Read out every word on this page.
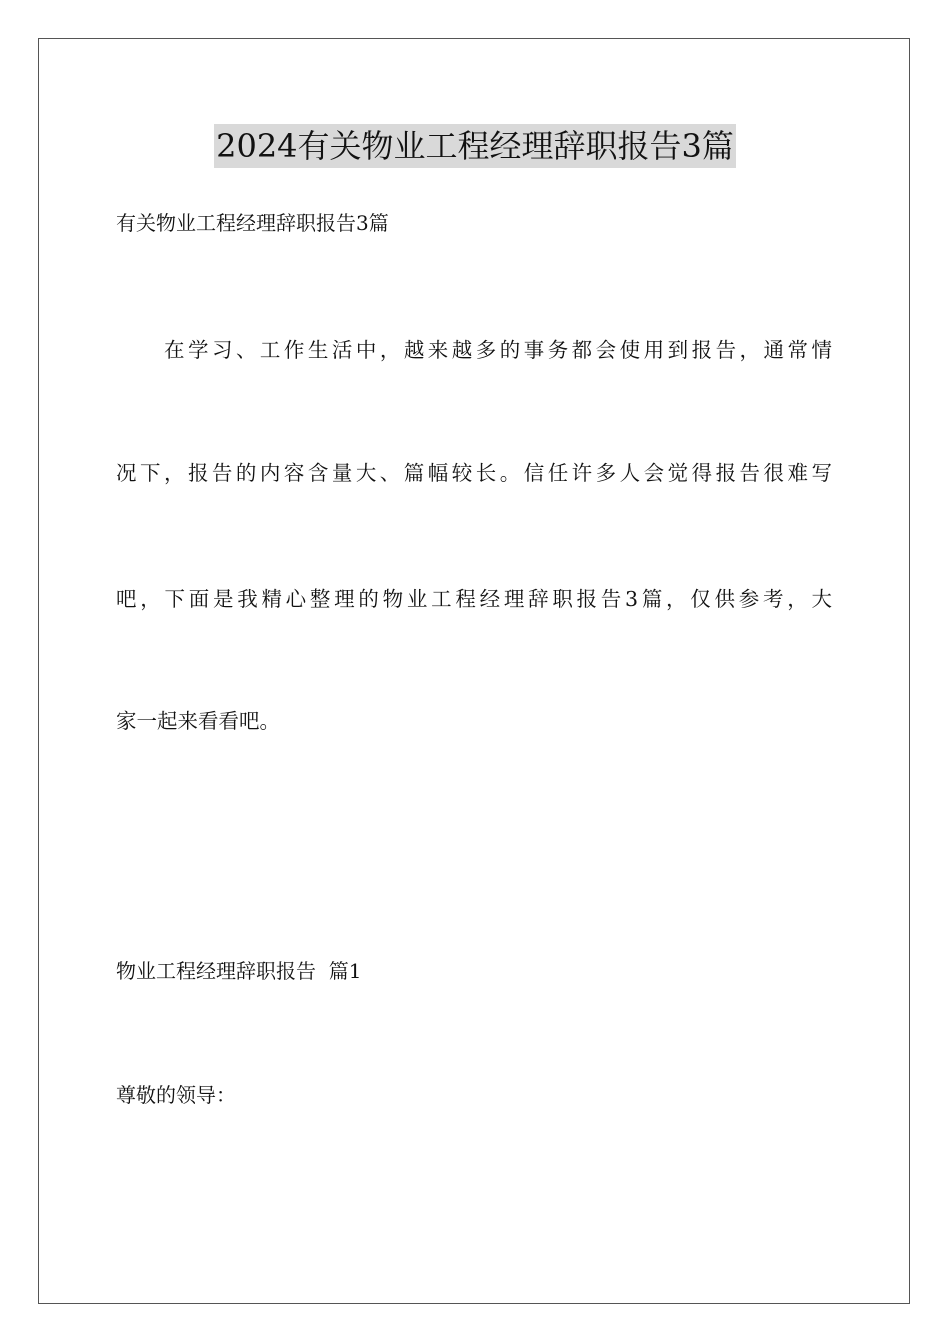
2024有关物业工程经理辞职报告3篇
有关物业工程经理辞职报告3篇
在学习、工作生活中，越来越多的事务都会使用到报告，通常情
况下，报告的内容含量大、篇幅较长。信任许多人会觉得报告很难写
吧，下面是我精心整理的物业工程经理辞职报告3篇，仅供参考，大
家一起来看看吧。
物业工程经理辞职报告  篇1
尊敬的领导：
